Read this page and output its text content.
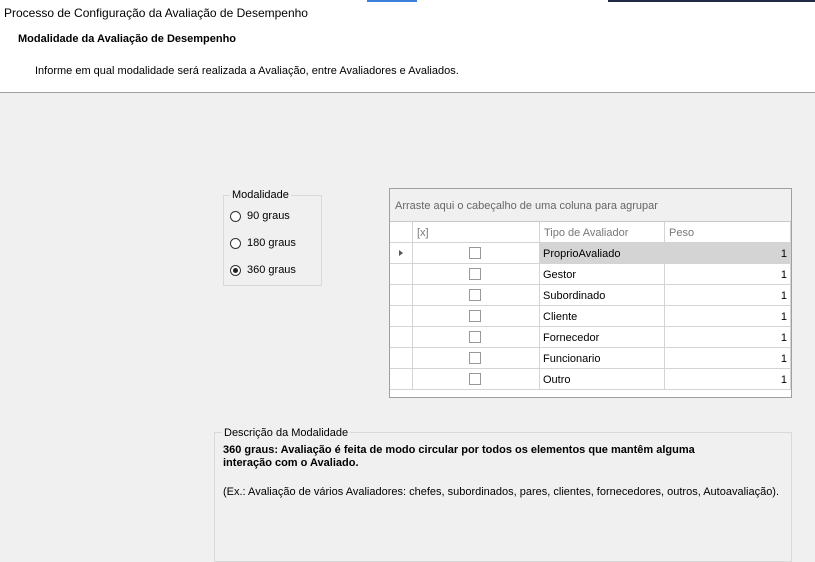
Processo de Configuração da Avaliação de Desempenho
Modalidade da Avaliação de Desempenho
Informe em qual modalidade será realizada a Avaliação, entre Avaliadores e Avaliados.
Modalidade
90 graus
180 graus
360 graus
Arraste aqui o cabeçalho de uma coluna para agrupar
[x]	Tipo de Avaliador	Peso
ProprioAvaliado	1
Gestor	1
Subordinado	1
Cliente	1
Fornecedor	1
Funcionario	1
Outro	1
Descrição da Modalidade
360 graus: Avaliação é feita de modo circular por todos os elementos que mantêm alguma interação com o Avaliado.
(Ex.: Avaliação de vários Avaliadores: chefes, subordinados, pares, clientes, fornecedores, outros, Autoavaliação).
